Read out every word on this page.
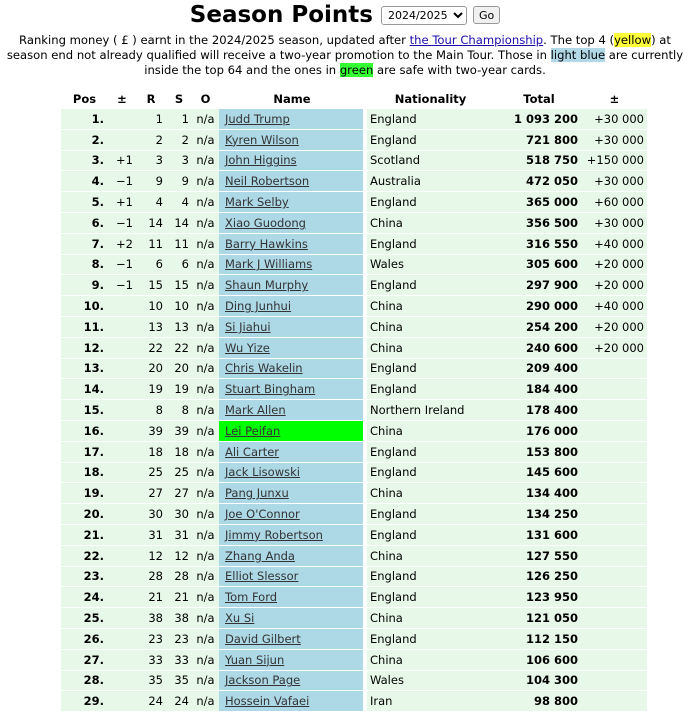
Season Points
2024/2025	Go
Ranking money ( £ ) earnt in the 2024/2025 season, updated after the Tour Championship. The top 4 (yellow) at season end not already qualified will receive a two-year promotion to the Main Tour. Those in light blue are currently inside the top 64 and the ones in green are safe with two-year cards.
Pos	±	R	S	O	Name	Nationality	Total	±
1.		1	1	n/a	Judd Trump	England	1 093 200	+30 000
2.		2	2	n/a	Kyren Wilson	England	721 800	+30 000
3.	+1	3	3	n/a	John Higgins	Scotland	518 750	+150 000
4.	−1	9	9	n/a	Neil Robertson	Australia	472 050	+30 000
5.	+1	4	4	n/a	Mark Selby	England	365 000	+60 000
6.	−1	14	14	n/a	Xiao Guodong	China	356 500	+30 000
7.	+2	11	11	n/a	Barry Hawkins	England	316 550	+40 000
8.	−1	6	6	n/a	Mark J Williams	Wales	305 600	+20 000
9.	−1	15	15	n/a	Shaun Murphy	England	297 900	+20 000
10.		10	10	n/a	Ding Junhui	China	290 000	+40 000
11.		13	13	n/a	Si Jiahui	China	254 200	+20 000
12.		22	22	n/a	Wu Yize	China	240 600	+20 000
13.		20	20	n/a	Chris Wakelin	England	209 400	
14.		19	19	n/a	Stuart Bingham	England	184 400	
15.		8	8	n/a	Mark Allen	Northern Ireland	178 400	
16.		39	39	n/a	Lei Peifan	China	176 000	
17.		18	18	n/a	Ali Carter	England	153 800	
18.		25	25	n/a	Jack Lisowski	England	145 600	
19.		27	27	n/a	Pang Junxu	China	134 400	
20.		30	30	n/a	Joe O'Connor	England	134 250	
21.		31	31	n/a	Jimmy Robertson	England	131 600	
22.		12	12	n/a	Zhang Anda	China	127 550	
23.		28	28	n/a	Elliot Slessor	England	126 250	
24.		21	21	n/a	Tom Ford	England	123 950	
25.		38	38	n/a	Xu Si	China	121 050	
26.		23	23	n/a	David Gilbert	England	112 150	
27.		33	33	n/a	Yuan Sijun	China	106 600	
28.		35	35	n/a	Jackson Page	Wales	104 300	
29.		24	24	n/a	Hossein Vafaei	Iran	98 800	
